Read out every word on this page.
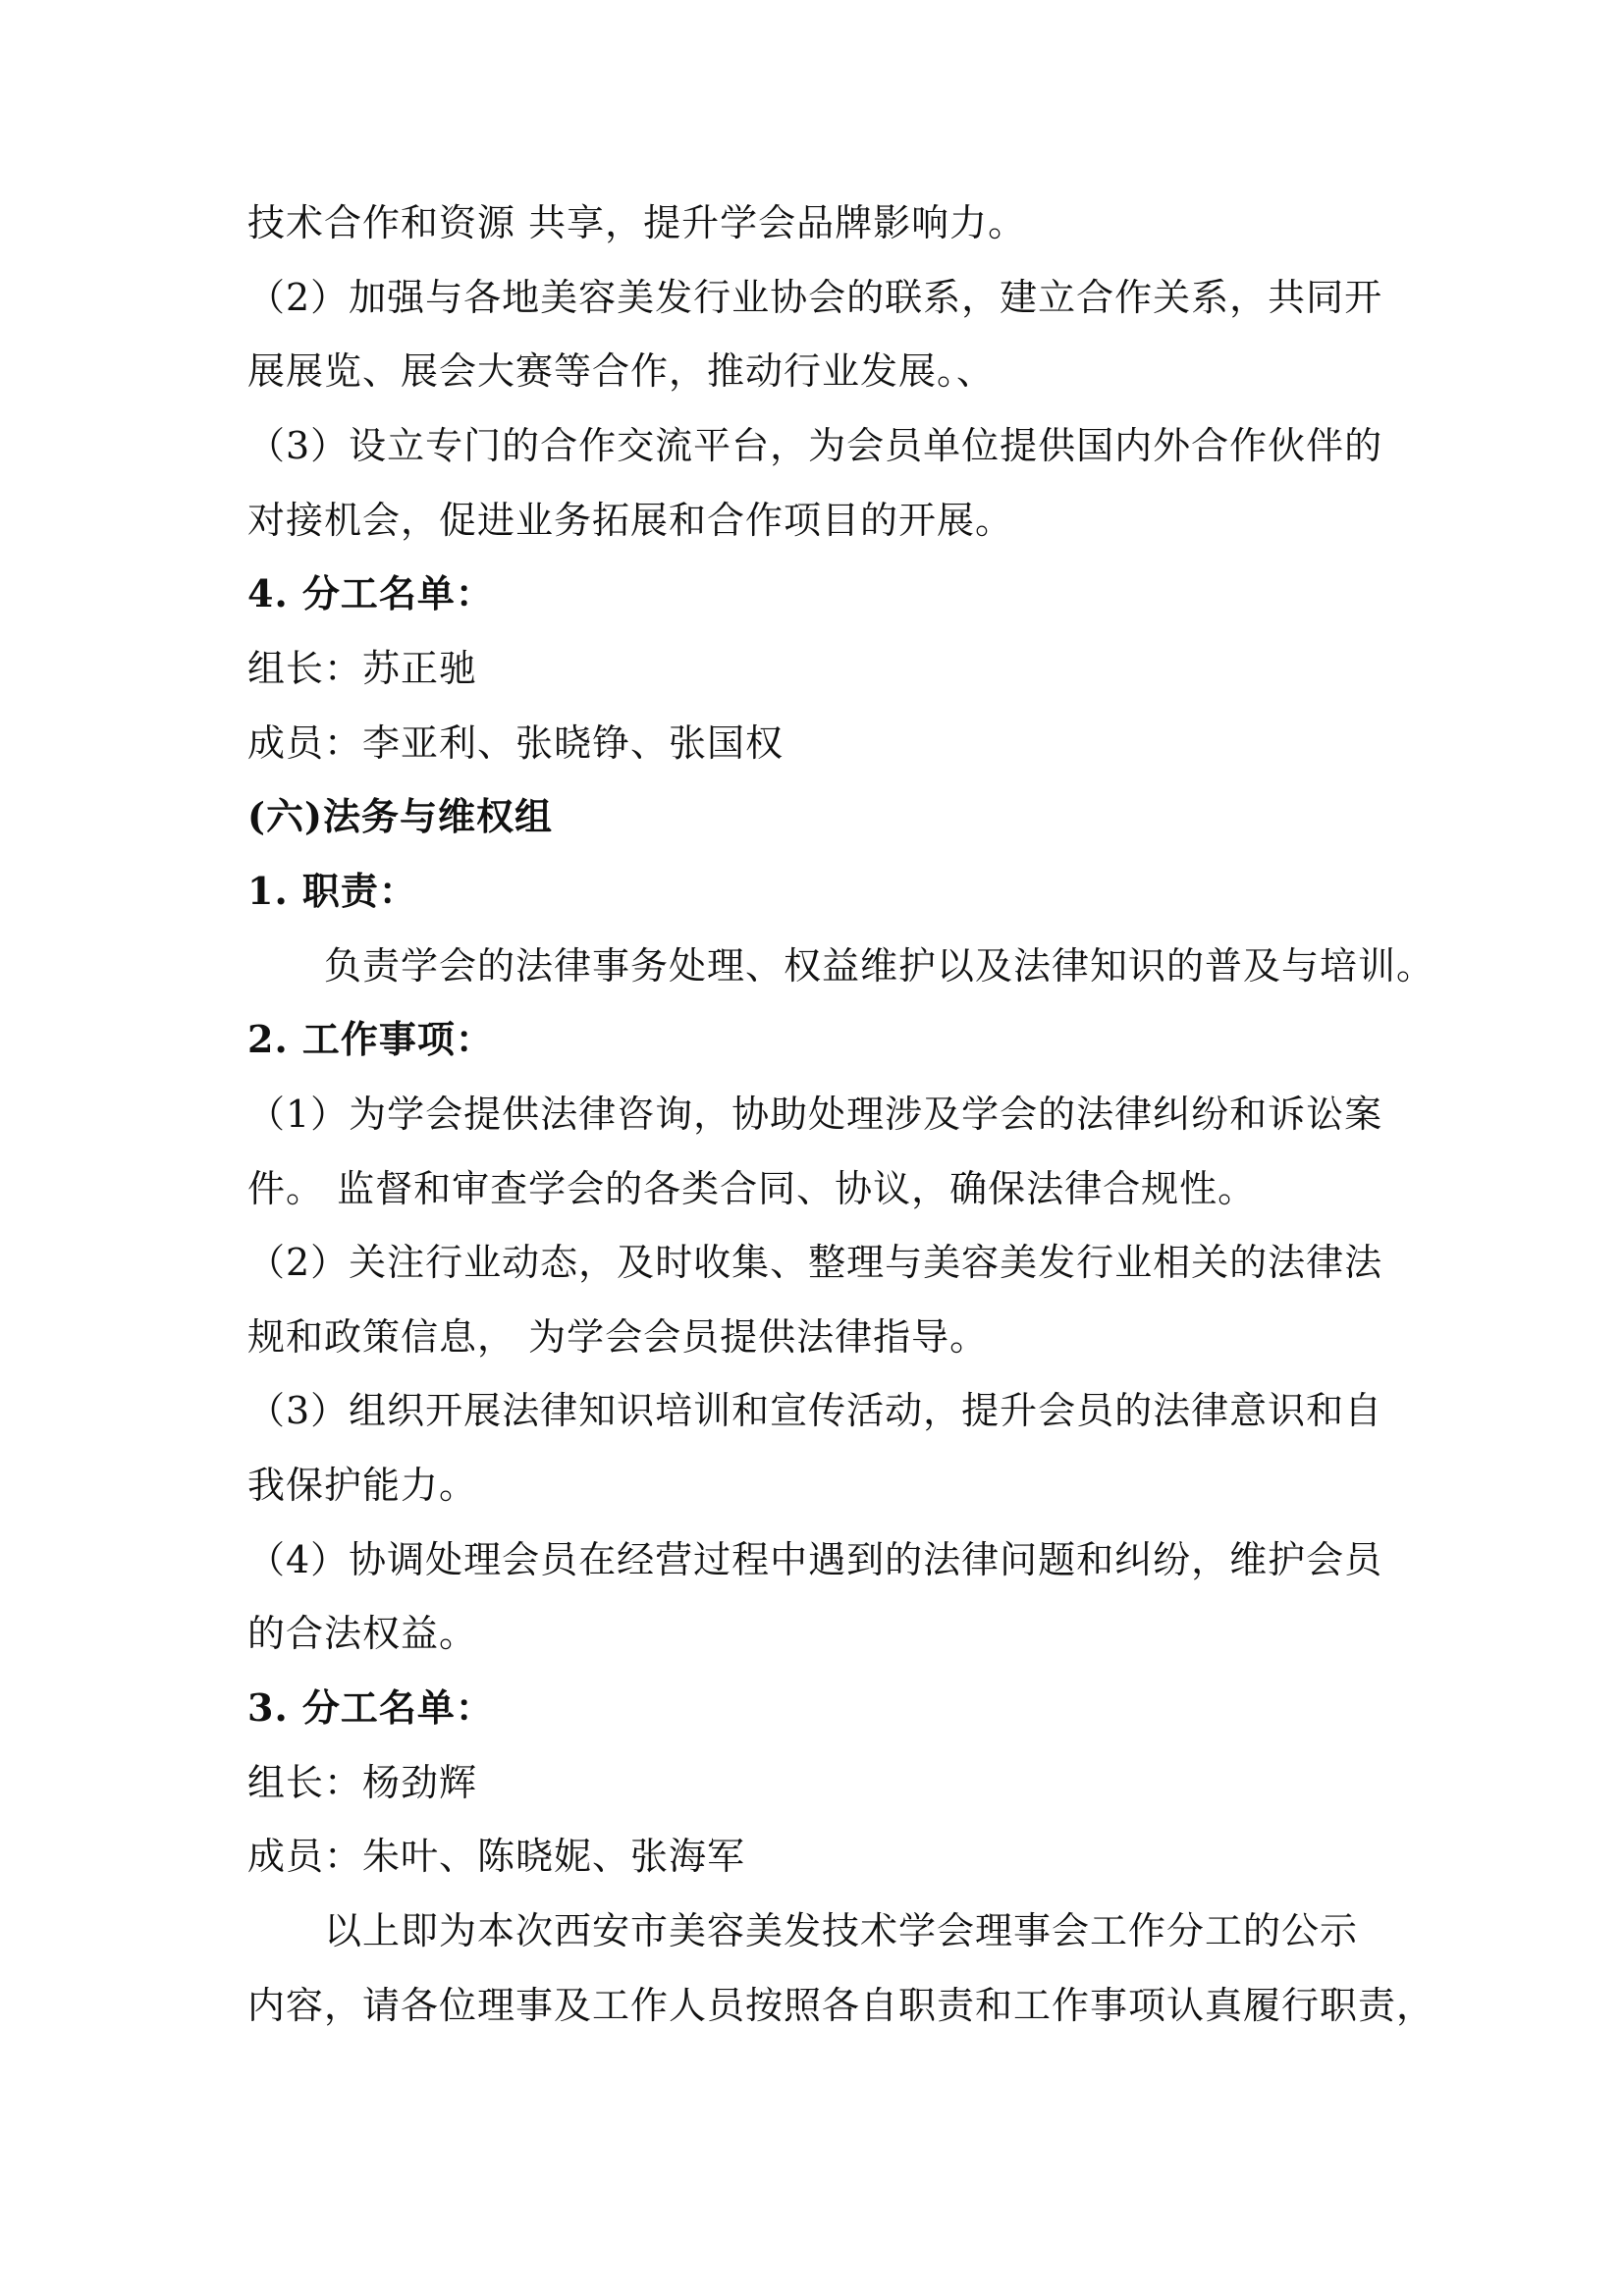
技术合作和资源 共享，提升学会品牌影响力。
（2）加强与各地美容美发行业协会的联系，建立合作关系，共同开
展展览、展会大赛等合作，推动行业发展。、
（3）设立专门的合作交流平台，为会员单位提供国内外合作伙伴的
对接机会，促进业务拓展和合作项目的开展。
4. 分工名单：
组长：苏正驰
成员：李亚利、张晓铮、张国权
(六)法务与维权组
1. 职责：
负责学会的法律事务处理、权益维护以及法律知识的普及与培训。
2. 工作事项：
（1）为学会提供法律咨询，协助处理涉及学会的法律纠纷和诉讼案
件。 监督和审查学会的各类合同、协议，确保法律合规性。
（2）关注行业动态，及时收集、整理与美容美发行业相关的法律法
规和政策信息， 为学会会员提供法律指导。
（3）组织开展法律知识培训和宣传活动，提升会员的法律意识和自
我保护能力。
（4）协调处理会员在经营过程中遇到的法律问题和纠纷，维护会员
的合法权益。
3. 分工名单：
组长：杨劲辉
成员：朱叶、陈晓妮、张海军
以上即为本次西安市美容美发技术学会理事会工作分工的公示
内容，请各位理事及工作人员按照各自职责和工作事项认真履行职责，
